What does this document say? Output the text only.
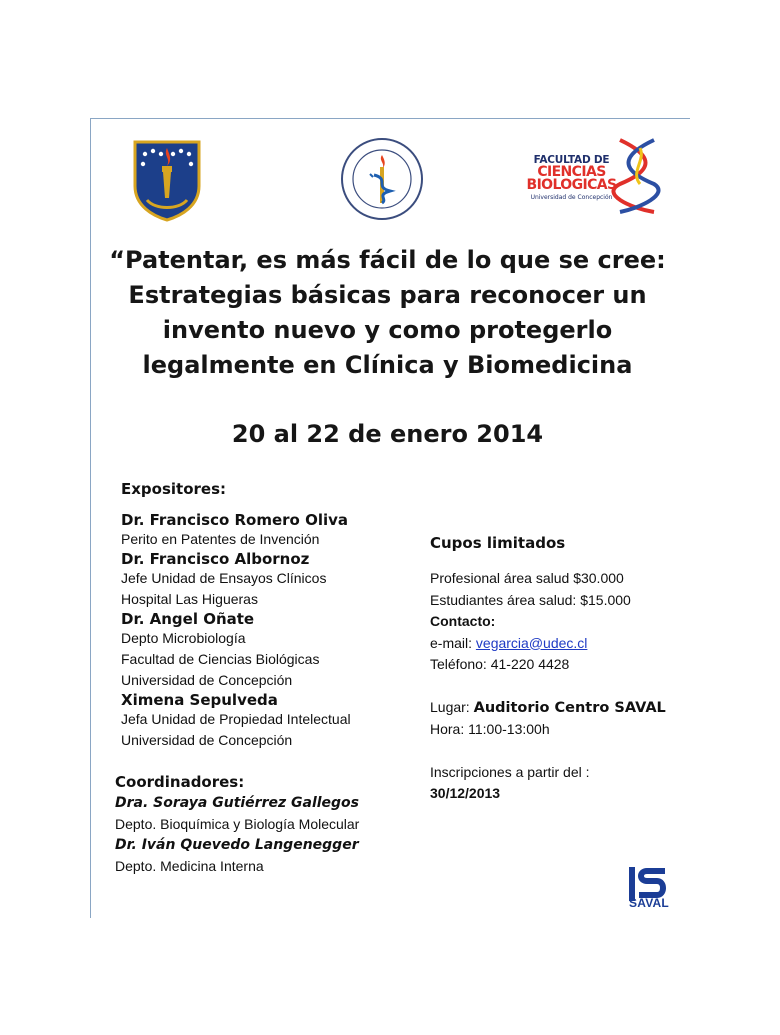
FACULTAD DE
CIENCIAS
BIOLOGICAS
Universidad de Concepción
“Patentar, es más fácil de lo que se cree:
Estrategias básicas para reconocer un
invento nuevo y como protegerlo
legalmente en Clínica y Biomedicina
20 al 22 de enero 2014
Expositores:
Dr. Francisco Romero Oliva
Perito en Patentes de Invención
Dr. Francisco Albornoz
Jefe Unidad de Ensayos Clínicos
Hospital Las Higueras
Dr. Angel Oñate
Depto Microbiología
Facultad de Ciencias Biológicas
Universidad de Concepción
Ximena Sepulveda
Jefa Unidad de Propiedad Intelectual
Universidad de Concepción
Coordinadores:
Dra. Soraya Gutiérrez Gallegos
Depto. Bioquímica y Biología Molecular
Dr. Iván Quevedo Langenegger
Depto. Medicina Interna
Cupos limitados
Profesional área salud $30.000
Estudiantes área salud: $15.000
Contacto:
e-mail: vegarcia@udec.cl
Teléfono: 41-220 4428
Lugar: Auditorio Centro SAVAL
Hora: 11:00-13:00h
Inscripciones a partir del :
30/12/2013
SAVAL
